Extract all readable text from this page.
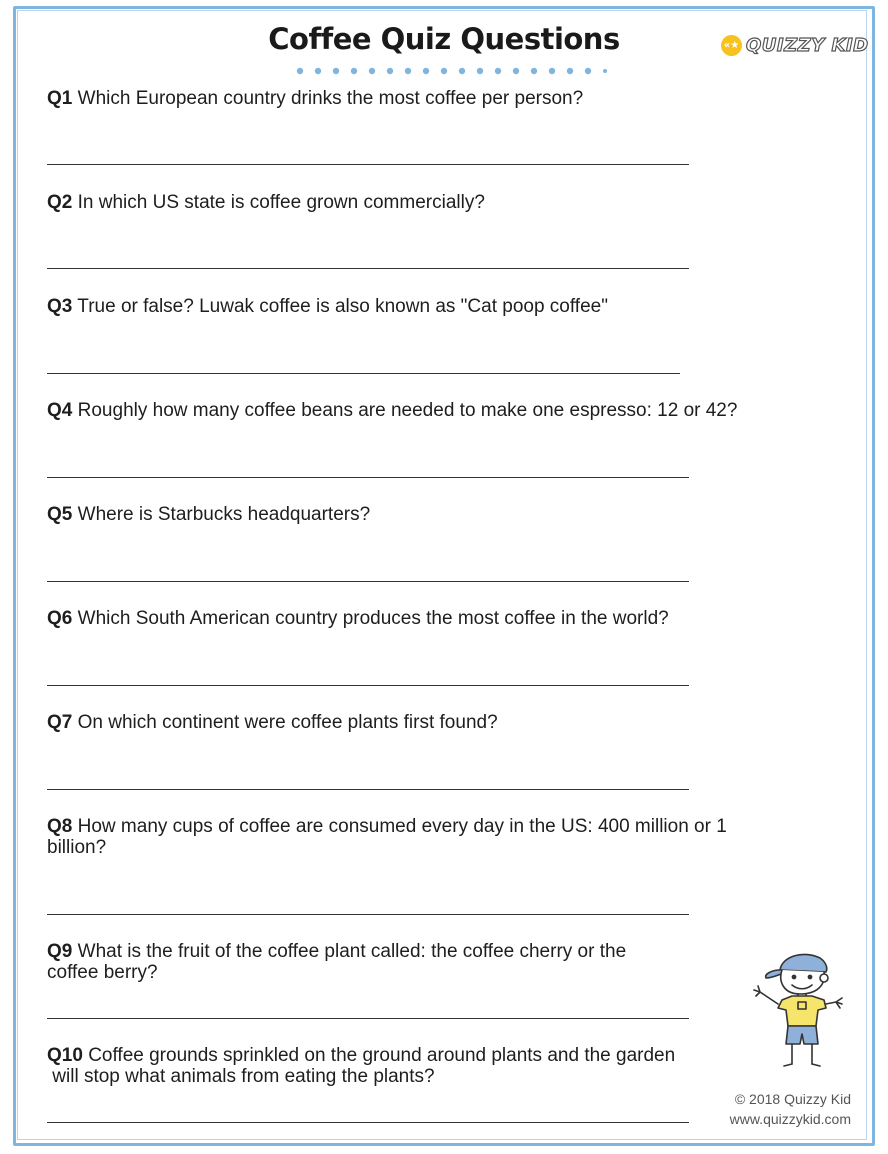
Coffee Quiz Questions	«★ QUIZZY KID
Q1 Which European country drinks the most coffee per person?
Q2 In which US state is coffee grown commercially?
Q3 True or false? Luwak coffee is also known as "Cat poop coffee"
Q4 Roughly how many coffee beans are needed to make one espresso: 12 or 42?
Q5 Where is Starbucks headquarters?
Q6 Which South American country produces the most coffee in the world?
Q7 On which continent were coffee plants first found?
Q8 How many cups of coffee are consumed every day in the US: 400 million or 1
billion?
Q9 What is the fruit of the coffee plant called: the coffee cherry or the
coffee berry?
Q10 Coffee grounds sprinkled on the ground around plants and the garden
will stop what animals from eating the plants?
© 2018 Quizzy Kid
www.quizzykid.com
